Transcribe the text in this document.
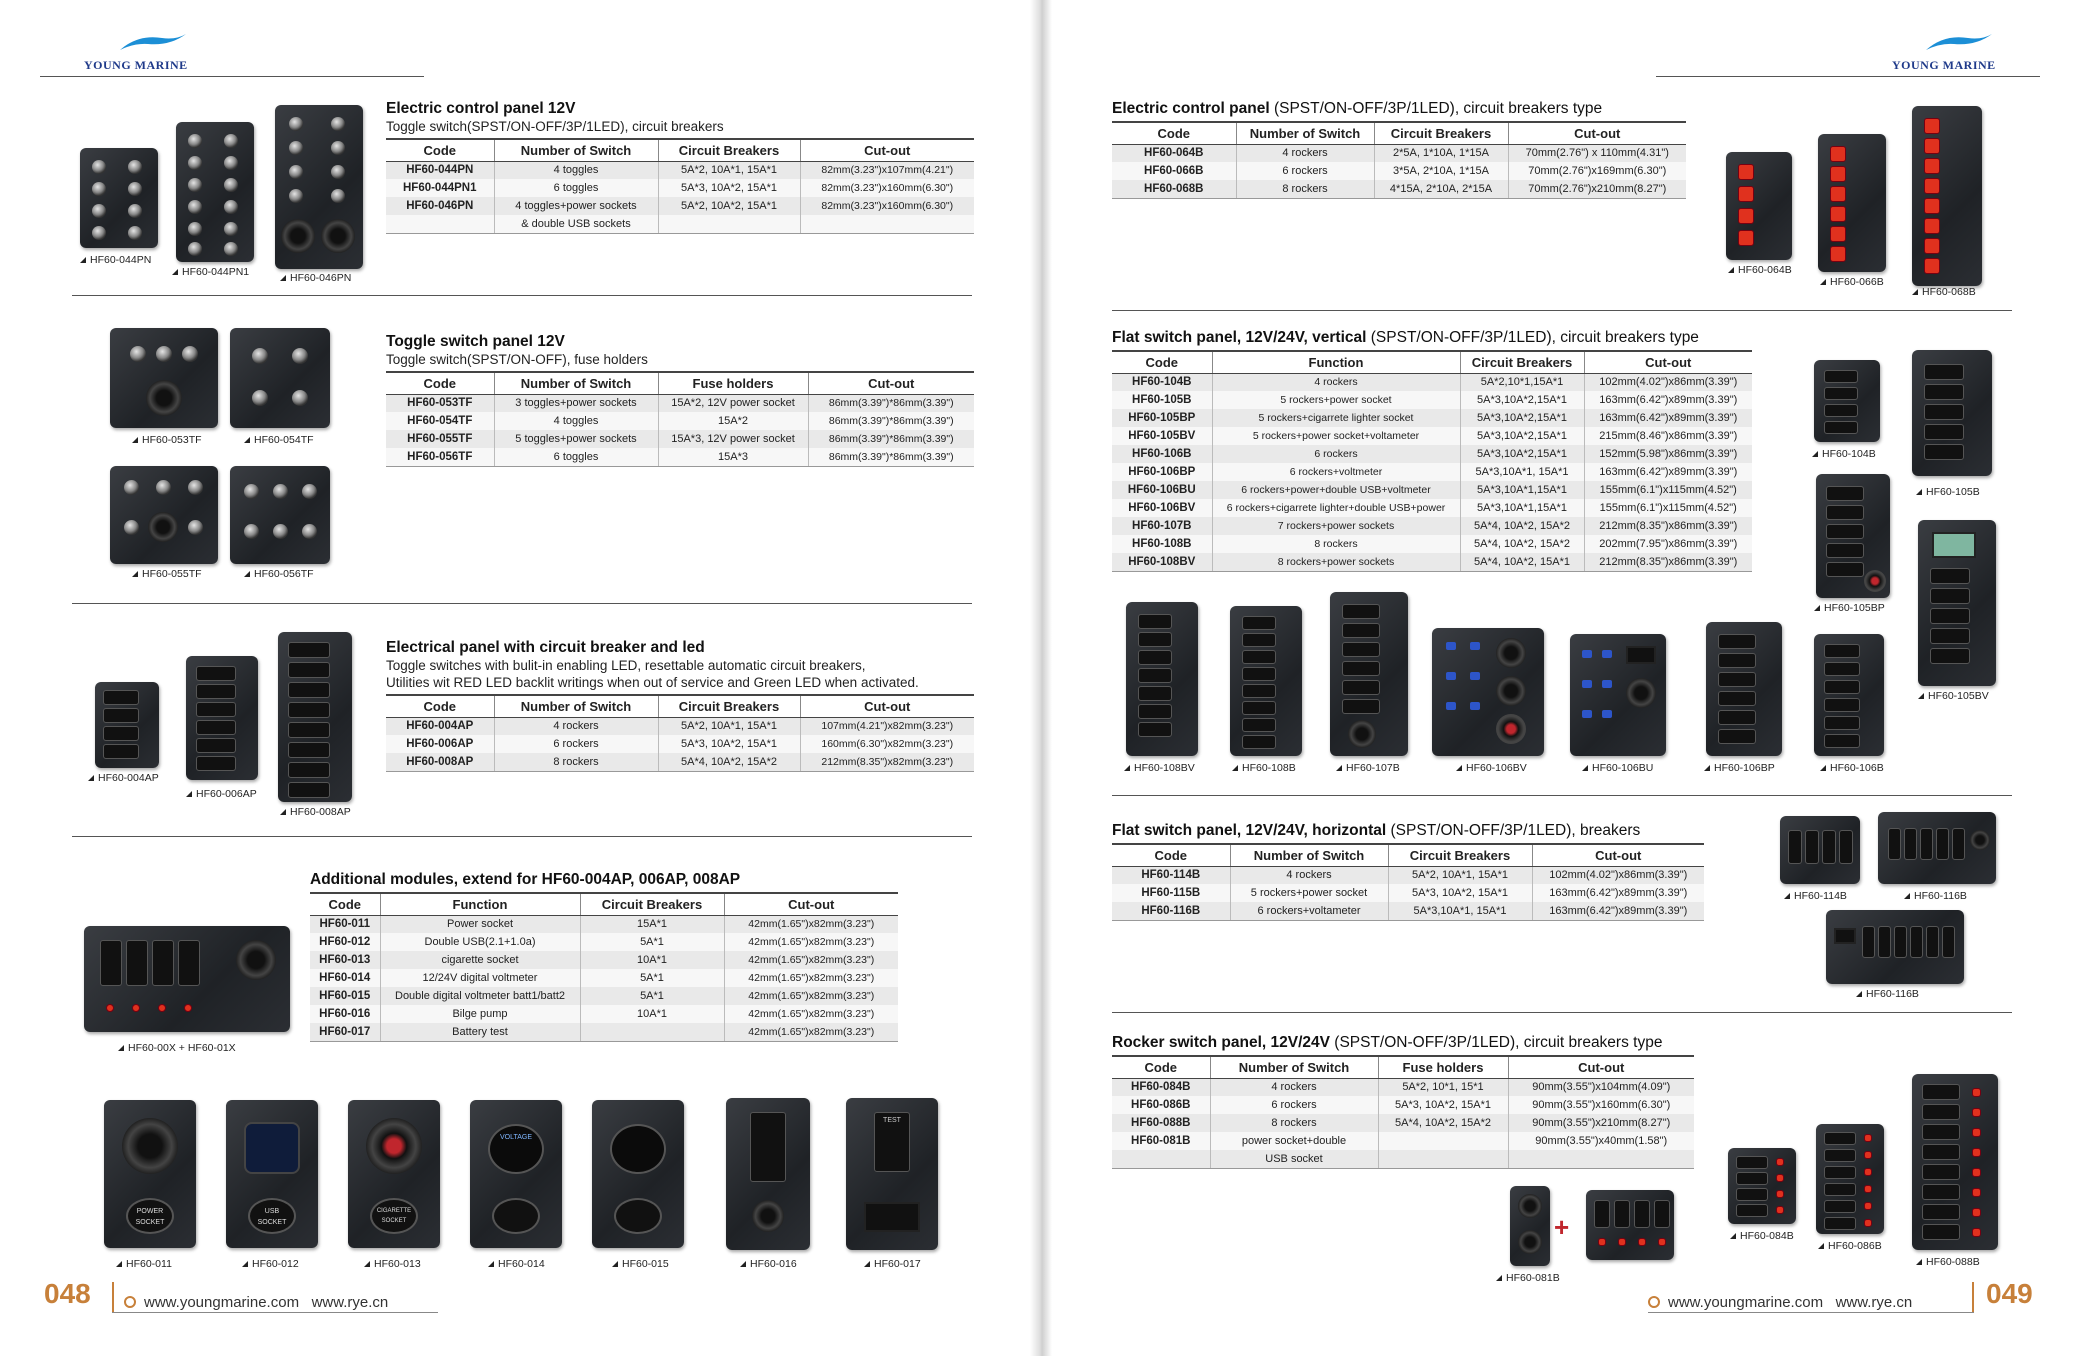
YOUNG MARINE	YOUNG MARINE
HF60-044PN
HF60-044PN1	HF60-046PN
Electric control panel 12V
Toggle switch(SPST/ON-OFF/3P/1LED), circuit breakers
Code	Number of Switch	Circuit Breakers	Cut-out
HF60-044PN	4 toggles	5A*2, 10A*1, 15A*1	82mm(3.23")x107mm(4.21")
HF60-044PN1	6 toggles	5A*3, 10A*2, 15A*1	82mm(3.23")x160mm(6.30")
HF60-046PN	4 toggles+power sockets	5A*2, 10A*2, 15A*1	82mm(3.23")x160mm(6.30")
	& double USB sockets		
HF60-053TF	HF60-054TF
HF60-055TF	HF60-056TF
Toggle switch panel 12V
Toggle switch(SPST/ON-OFF), fuse holders
Code	Number of Switch	Fuse holders	Cut-out
HF60-053TF	3 toggles+power sockets	15A*2, 12V power socket	86mm(3.39")*86mm(3.39")
HF60-054TF	4 toggles	15A*2	86mm(3.39")*86mm(3.39")
HF60-055TF	5 toggles+power sockets	15A*3, 12V power socket	86mm(3.39")*86mm(3.39")
HF60-056TF	6 toggles	15A*3	86mm(3.39")*86mm(3.39")
HF60-004AP
HF60-006AP
HF60-008AP
Electrical panel with circuit breaker and led
Toggle switches with bulit-in enabling LED, resettable automatic circuit breakers,
Utilities wit RED LED backlit writings when out of service and Green LED when activated.
Code	Number of Switch	Circuit Breakers	Cut-out
HF60-004AP	4 rockers	5A*2, 10A*1, 15A*1	107mm(4.21")x82mm(3.23")
HF60-006AP	6 rockers	5A*3, 10A*2, 15A*1	160mm(6.30")x82mm(3.23")
HF60-008AP	8 rockers	5A*4, 10A*2, 15A*2	212mm(8.35")x82mm(3.23")
HF60-00X + HF60-01X
Additional modules, extend for HF60-004AP, 006AP, 008AP
Code	Function	Circuit Breakers	Cut-out
HF60-011	Power socket	15A*1	42mm(1.65")x82mm(3.23")
HF60-012	Double USB(2.1+1.0a)	5A*1	42mm(1.65")x82mm(3.23")
HF60-013	cigarette socket	10A*1	42mm(1.65")x82mm(3.23")
HF60-014	12/24V digital voltmeter	5A*1	42mm(1.65")x82mm(3.23")
HF60-015	Double digital voltmeter batt1/batt2	5A*1	42mm(1.65")x82mm(3.23")
HF60-016	Bilge pump	10A*1	42mm(1.65")x82mm(3.23")
HF60-017	Battery test		42mm(1.65")x82mm(3.23")
POWER SOCKET
HF60-011
USB SOCKET
HF60-012
CIGARETTE SOCKET
HF60-013
VOLTAGE
HF60-014	HF60-015	HF60-016
TEST
HF60-017
048	www.youngmarine.com www.rye.cn
Electric control panel (SPST/ON-OFF/3P/1LED), circuit breakers type
Code	Number of Switch	Circuit Breakers	Cut-out
HF60-064B	4 rockers	2*5A, 1*10A, 1*15A	70mm(2.76") x 110mm(4.31")
HF60-066B	6 rockers	3*5A, 2*10A, 1*15A	70mm(2.76")x169mm(6.30")
HF60-068B	8 rockers	4*15A, 2*10A, 2*15A	70mm(2.76")x210mm(8.27")
HF60-064B
HF60-066B
HF60-068B
Flat switch panel, 12V/24V, vertical (SPST/ON-OFF/3P/1LED), circuit breakers type
Code	Function	Circuit Breakers	Cut-out
HF60-104B	4 rockers	5A*2,10*1,15A*1	102mm(4.02")x86mm(3.39")
HF60-105B	5 rockers+power socket	5A*3,10A*2,15A*1	163mm(6.42")x89mm(3.39")
HF60-105BP	5 rockers+cigarrete lighter socket	5A*3,10A*2,15A*1	163mm(6.42")x89mm(3.39")
HF60-105BV	5 rockers+power socket+voltameter	5A*3,10A*2,15A*1	215mm(8.46")x86mm(3.39")
HF60-106B	6 rockers	5A*3,10A*2,15A*1	152mm(5.98")x86mm(3.39")
HF60-106BP	6 rockers+voltmeter	5A*3,10A*1, 15A*1	163mm(6.42")x89mm(3.39")
HF60-106BU	6 rockers+power+double USB+voltmeter	5A*3,10A*1,15A*1	155mm(6.1")x115mm(4.52")
HF60-106BV	6 rockers+cigarrete lighter+double USB+power	5A*3,10A*1,15A*1	155mm(6.1")x115mm(4.52")
HF60-107B	7 rockers+power sockets	5A*4, 10A*2, 15A*2	212mm(8.35")x86mm(3.39")
HF60-108B	8 rockers	5A*4, 10A*2, 15A*2	202mm(7.95")x86mm(3.39")
HF60-108BV	8 rockers+power sockets	5A*4, 10A*2, 15A*1	212mm(8.35")x86mm(3.39")
HF60-104B
HF60-105B
HF60-105BP
HF60-105BV
HF60-108BV	HF60-108B	HF60-107B	HF60-106BV	HF60-106BU	HF60-106BP	HF60-106B
Flat switch panel, 12V/24V, horizontal (SPST/ON-OFF/3P/1LED), breakers
Code	Number of Switch	Circuit Breakers	Cut-out
HF60-114B	4 rockers	5A*2, 10A*1, 15A*1	102mm(4.02")x86mm(3.39")
HF60-115B	5 rockers+power socket	5A*3, 10A*2, 15A*1	163mm(6.42")x89mm(3.39")
HF60-116B	6 rockers+voltameter	5A*3,10A*1, 15A*1	163mm(6.42")x89mm(3.39")
HF60-114B	HF60-116B
HF60-116B
Rocker switch panel, 12V/24V (SPST/ON-OFF/3P/1LED), circuit breakers type
Code	Number of Switch	Fuse holders	Cut-out
HF60-084B	4 rockers	5A*2, 10*1, 15*1	90mm(3.55")x104mm(4.09")
HF60-086B	6 rockers	5A*3, 10A*2, 15A*1	90mm(3.55")x160mm(6.30")
HF60-088B	8 rockers	5A*4, 10A*2, 15A*2	90mm(3.55")x210mm(8.27")
HF60-081B	power socket+double		90mm(3.55")x40mm(1.58")
	USB socket		
+
HF60-081B
HF60-084B
HF60-086B
HF60-088B
www.youngmarine.com www.rye.cn	049
